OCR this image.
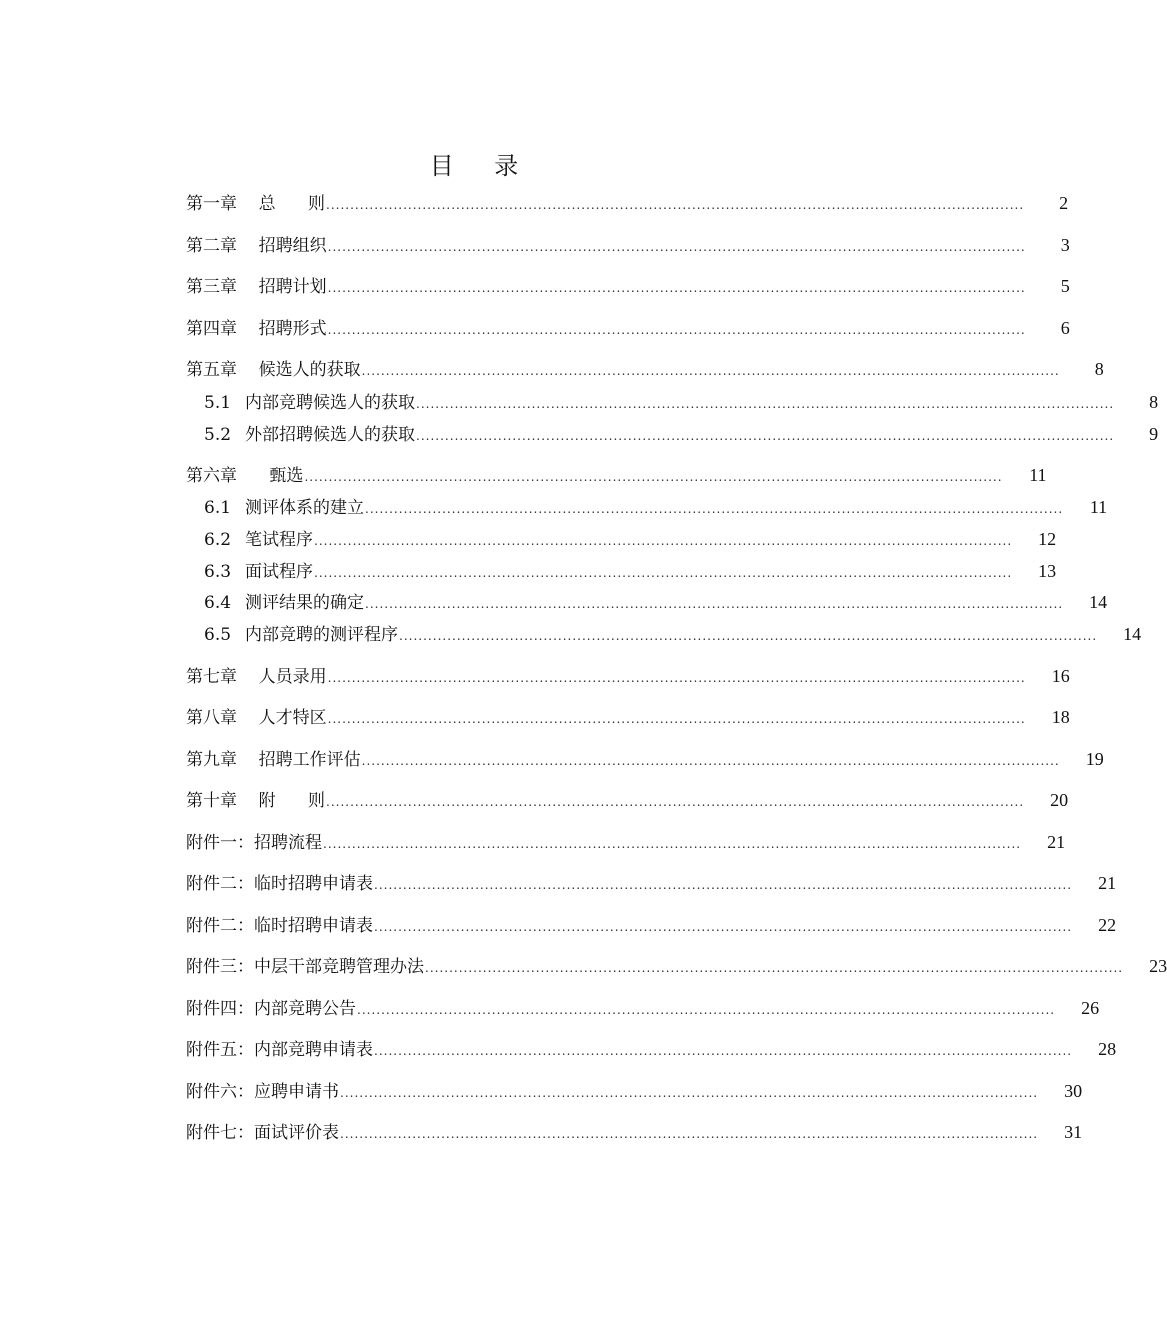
目    录
第一章    总      则 .................................................................................................................................................	2
第二章    招聘组织 .................................................................................................................................................	3
第三章    招聘计划 .................................................................................................................................................	5
第四章    招聘形式 .................................................................................................................................................	6
第五章    候选人的获取 .................................................................................................................................................	8
5.1 内部竞聘候选人的获取 .................................................................................................................................................	8
5.2 外部招聘候选人的获取 .................................................................................................................................................	9
第六章      甄选 .................................................................................................................................................	11
6.1 测评体系的建立 .................................................................................................................................................	11
6.2 笔试程序 .................................................................................................................................................	12
6.3 面试程序 .................................................................................................................................................	13
6.4 测评结果的确定 .................................................................................................................................................	14
6.5 内部竞聘的测评程序 .................................................................................................................................................	14
第七章    人员录用 .................................................................................................................................................	16
第八章    人才特区 .................................................................................................................................................	18
第九章    招聘工作评估 .................................................................................................................................................	19
第十章    附      则 .................................................................................................................................................	20
附件一：招聘流程 .................................................................................................................................................	21
附件二：临时招聘申请表 .................................................................................................................................................	21
附件二：临时招聘申请表 .................................................................................................................................................	22
附件三：中层干部竞聘管理办法 .................................................................................................................................................	23
附件四：内部竞聘公告 .................................................................................................................................................	26
附件五：内部竞聘申请表 .................................................................................................................................................	28
附件六：应聘申请书 .................................................................................................................................................	30
附件七：面试评价表 .................................................................................................................................................	31
